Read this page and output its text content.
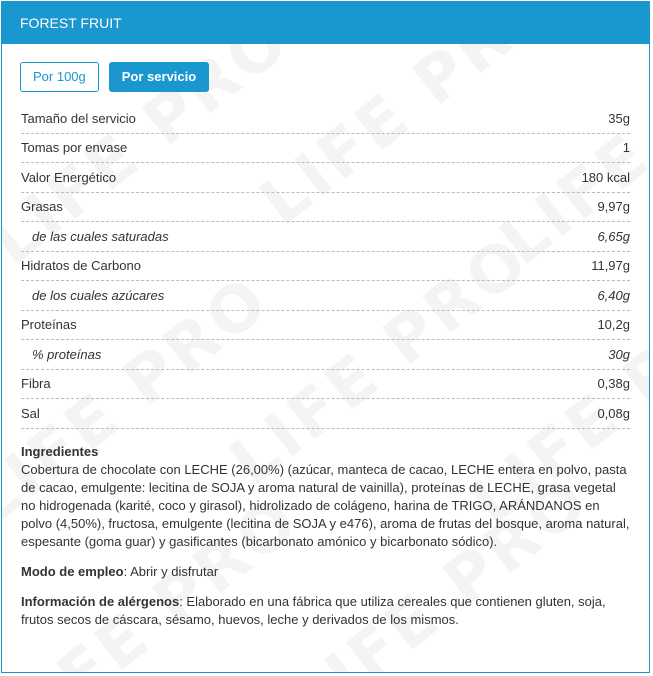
FOREST FRUIT
Por 100g	Por servicio
Tamaño del servicio	35g
Tomas por envase	1
Valor Energético	180 kcal
Grasas	9,97g
de las cuales saturadas	6,65g
Hidratos de Carbono	11,97g
de los cuales azúcares	6,40g
Proteínas	10,2g
% proteínas	30g
Fibra	0,38g
Sal	0,08g

Ingredientes
Cobertura de chocolate con LECHE (26,00%) (azúcar, manteca de cacao, LECHE entera en polvo, pasta de cacao, emulgente: lecitina de SOJA y aroma natural de vainilla), proteínas de LECHE, grasa vegetal no hidrogenada (karité, coco y girasol), hidrolizado de colágeno, harina de TRIGO, ARÁNDANOS en polvo (4,50%), fructosa, emulgente (lecitina de SOJA y e476), aroma de frutas del bosque, aroma natural, espesante (goma guar) y gasificantes (bicarbonato amónico y bicarbonato sódico).

Modo de empleo: Abrir y disfrutar

Información de alérgenos: Elaborado en una fábrica que utiliza cereales que contienen gluten, soja, frutos secos de cáscara, sésamo, huevos, leche y derivados de los mismos.
